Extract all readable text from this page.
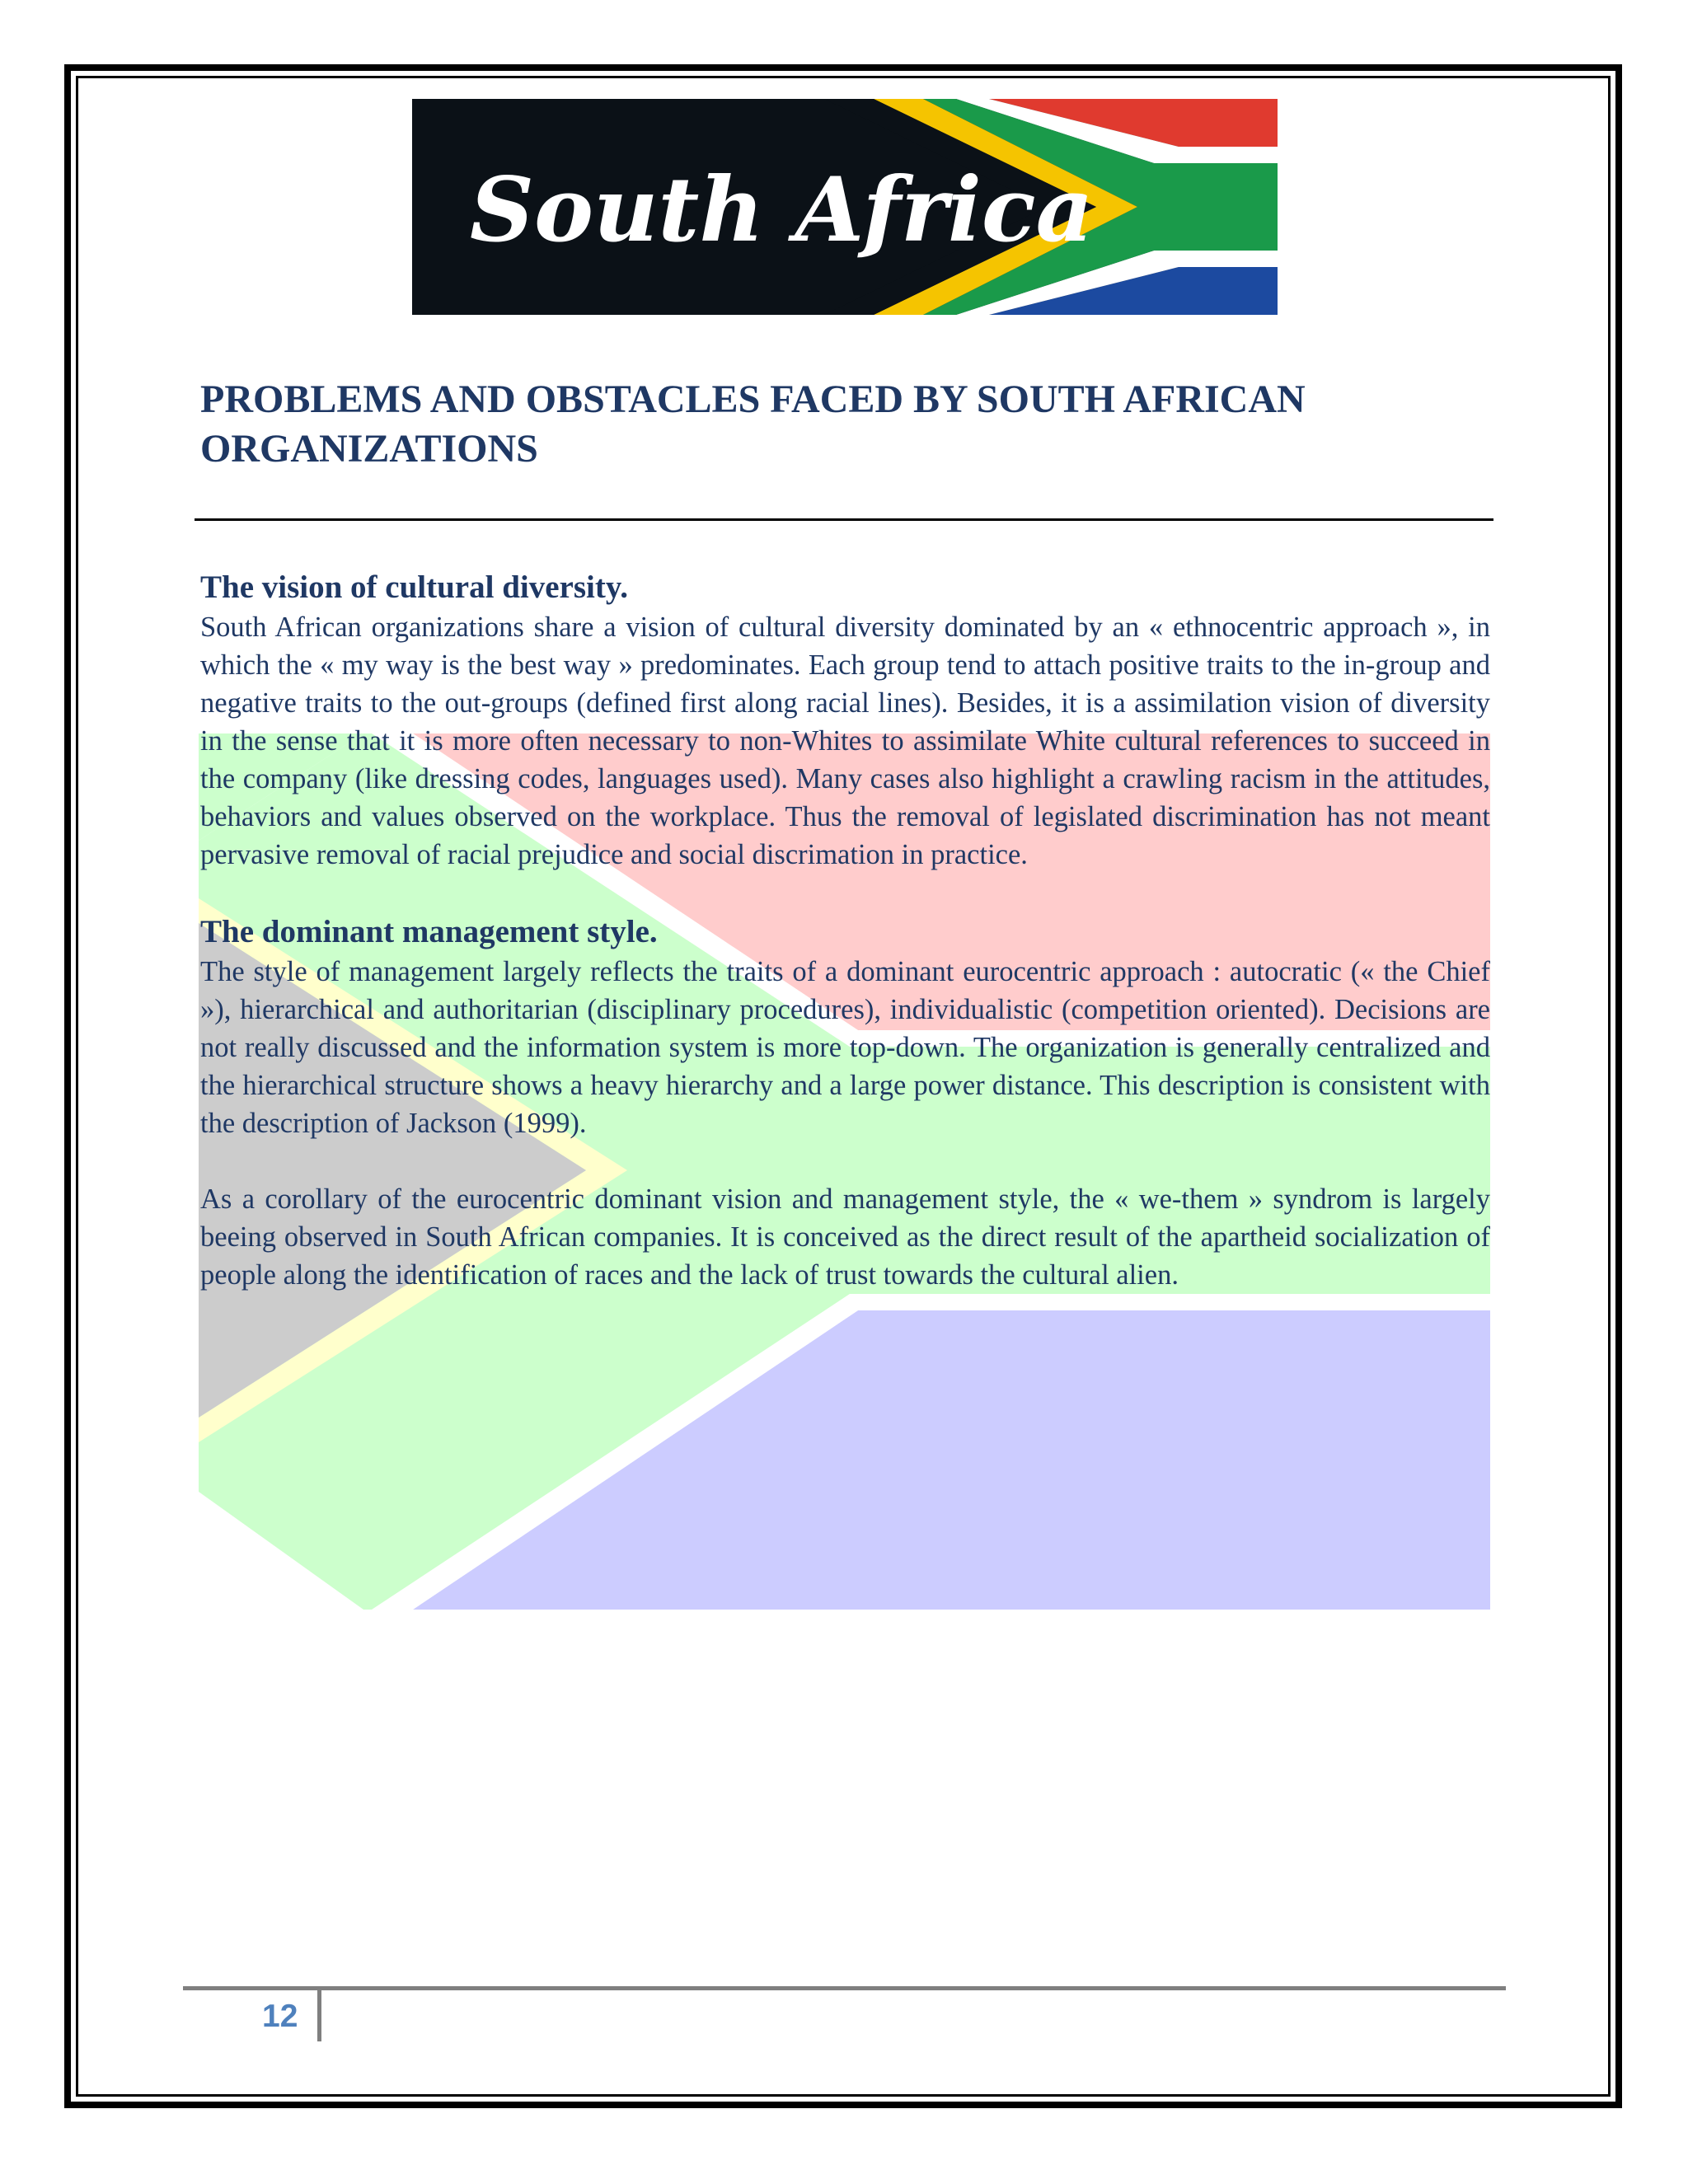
South Africa
PROBLEMS AND OBSTACLES FACED BY SOUTH AFRICAN ORGANIZATIONS
The vision of cultural diversity.

South African organizations share a vision of cultural diversity dominated by an « ethnocentric approach », in which the « my way is the best way » predominates. Each group tend to attach positive traits to the in-group and negative traits to the out-groups (defined first along racial lines). Besides, it is a assimilation vision of diversity in the sense that it is more often necessary to non-Whites to assimilate White cultural references to succeed in the company (like dressing codes, languages used). Many cases also highlight a crawling racism in the attitudes, behaviors and values observed on the workplace. Thus the removal of legislated discrimination has not meant pervasive removal of racial prejudice and social discrimation in practice.

The dominant management style.

The style of management largely reflects the traits of a dominant eurocentric approach : autocratic (« the Chief »), hierarchical and authoritarian (disciplinary procedures), individualistic (competition oriented). Decisions are not really discussed and the information system is more top-down. The organization is generally centralized and the hierarchical structure shows a heavy hierarchy and a large power distance. This description is consistent with the description of Jackson (1999).

As a corollary of the eurocentric dominant vision and management style, the « we-them » syndrom is largely beeing observed in South African companies. It is conceived as the direct result of the apartheid socialization of people along the identification of races and the lack of trust towards the cultural alien.

12
